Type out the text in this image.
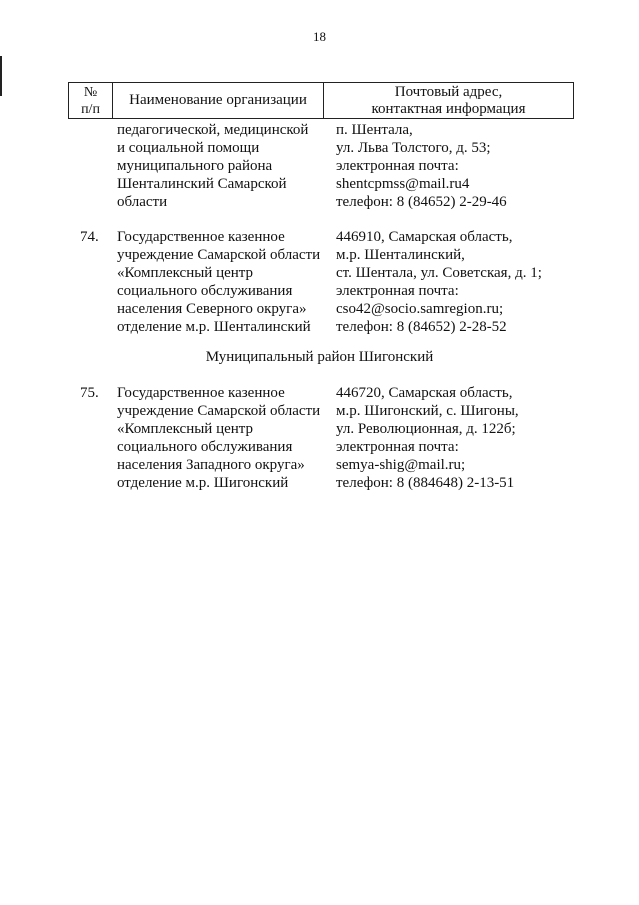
18
№
п/п
Наименование организации
Почтовый адрес,
контактная информация
педагогической, медицинской
и социальной помощи
муниципального района
Шенталинский Самарской
области
п. Шентала,
ул. Льва Толстого, д. 53;
электронная почта:
shentcpmss@mail.ru4
телефон: 8 (84652) 2-29-46
74. Государственное казенное
учреждение Самарской области
«Комплексный центр
социального обслуживания
населения Северного округа»
отделение м.р. Шенталинский
446910, Самарская область,
м.р. Шенталинский,
ст. Шентала, ул. Советская, д. 1;
электронная почта:
cso42@socio.samregion.ru;
телефон: 8 (84652) 2-28-52
Муниципальный район Шигонский
75. Государственное казенное
учреждение Самарской области
«Комплексный центр
социального обслуживания
населения Западного округа»
отделение м.р. Шигонский
446720, Самарская область,
м.р. Шигонский, с. Шигоны,
ул. Революционная, д. 122б;
электронная почта:
semya-shig@mail.ru;
телефон: 8 (884648) 2-13-51
